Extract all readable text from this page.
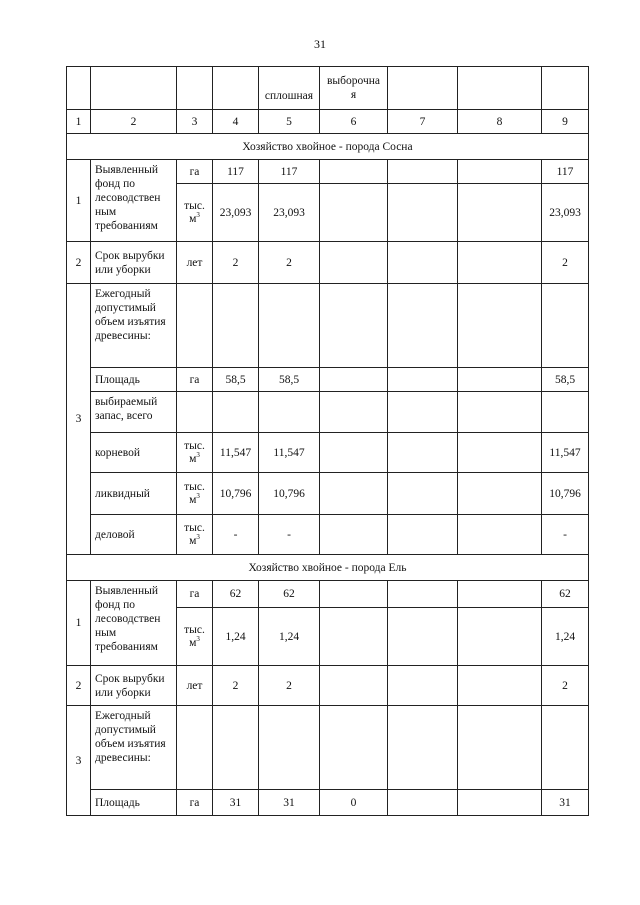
31
				сплошная	выборочна я			
1	2	3	4	5	6	7	8	9
Хозяйство хвойное - порода Сосна								
1	Выявленный фонд по лесоводствен ным требованиям	га	117	117				117
		тыс. $м^3$	23,093	23,093				23,093
2	Срок вырубки или уборки	лет	2	2				2
3	Ежегодный допустимый объем изъятия древесины:							
	Площадь	га	58,5	58,5				58,5
	выбираемый запас, всего							
	корневой	тыс. $м^3$	11,547	11,547				11,547
	ликвидный	тыс. $м^3$	10,796	10,796				10,796
	деловой	тыс. $м^3$	-	-				-
Хозяйство хвойное - порода Ель								
1	Выявленный фонд по лесоводствен ным требованиям	га	62	62				62
		тыс. $м^3$	1,24	1,24				1,24
2	Срок вырубки или уборки	лет	2	2				2
3	Ежегодный допустимый объем изъятия древесины:							
	Площадь	га	31	31	0			31
